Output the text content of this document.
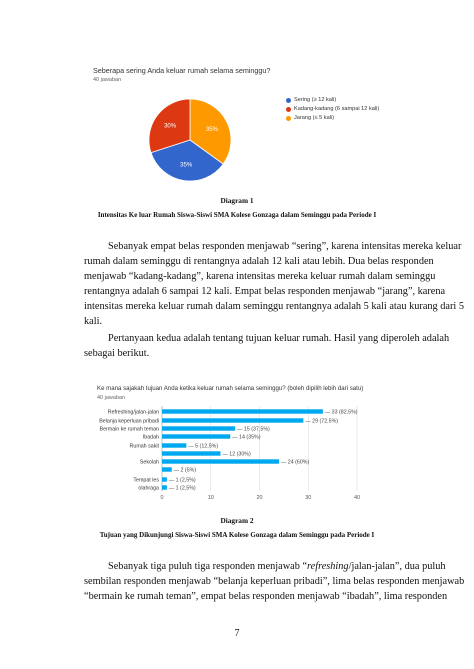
Seberapa sering Anda keluar rumah selama seminggu?
40 jawaban
35%
35%
30%
Sering (≥ 12 kali)
Kadang-kadang (6 sampai 12 kali)
Jarang (≤ 5 kali)
Diagram 1
Intensitas Ke luar Rumah Siswa-Siswi SMA Kolese Gonzaga dalam Seminggu pada Periode I
Sebanyak empat belas responden menjawab “sering”, karena intensitas mereka keluar
rumah dalam seminggu di rentangnya adalah 12 kali atau lebih. Dua belas responden
menjawab “kadang-kadang”, karena intensitas mereka keluar rumah dalam seminggu
rentangnya adalah 6 sampai 12 kali. Empat belas responden menjawab “jarang”, karena
intensitas mereka keluar rumah dalam seminggu rentangnya adalah 5 kali atau kurang dari 5
kali.
Pertanyaan kedua adalah tentang tujuan keluar rumah. Hasil yang diperoleh adalah
sebagai berikut.
Ke mana sajakah tujuan Anda ketika keluar rumah selama seminggu? (boleh dipilih lebih dari satu)
40 jawaban
0	10	20	30	40
— 33 (82,5%)
Refreshing/jalan-jalan
— 29 (72,5%)
Belanja keperluan pribadi
— 15 (37,5%)
Bermain ke rumah teman
— 14 (35%)
Ibadah
— 5 (12,5%)
Rumah sakit
— 12 (30%)
— 24 (60%)
Sekolah
— 2 (5%)
— 1 (2,5%)
Tempat les
— 1 (2,5%)
olahraga
Diagram 2
Tujuan yang Dikunjungi Siswa-Siswi SMA Kolese Gonzaga dalam Seminggu pada Periode I
Sebanyak tiga puluh tiga responden menjawab “refreshing/jalan-jalan”, dua puluh
sembilan responden menjawab “belanja keperluan pribadi”, lima belas responden menjawab
“bermain ke rumah teman”, empat belas responden menjawab “ibadah”, lima responden
7
